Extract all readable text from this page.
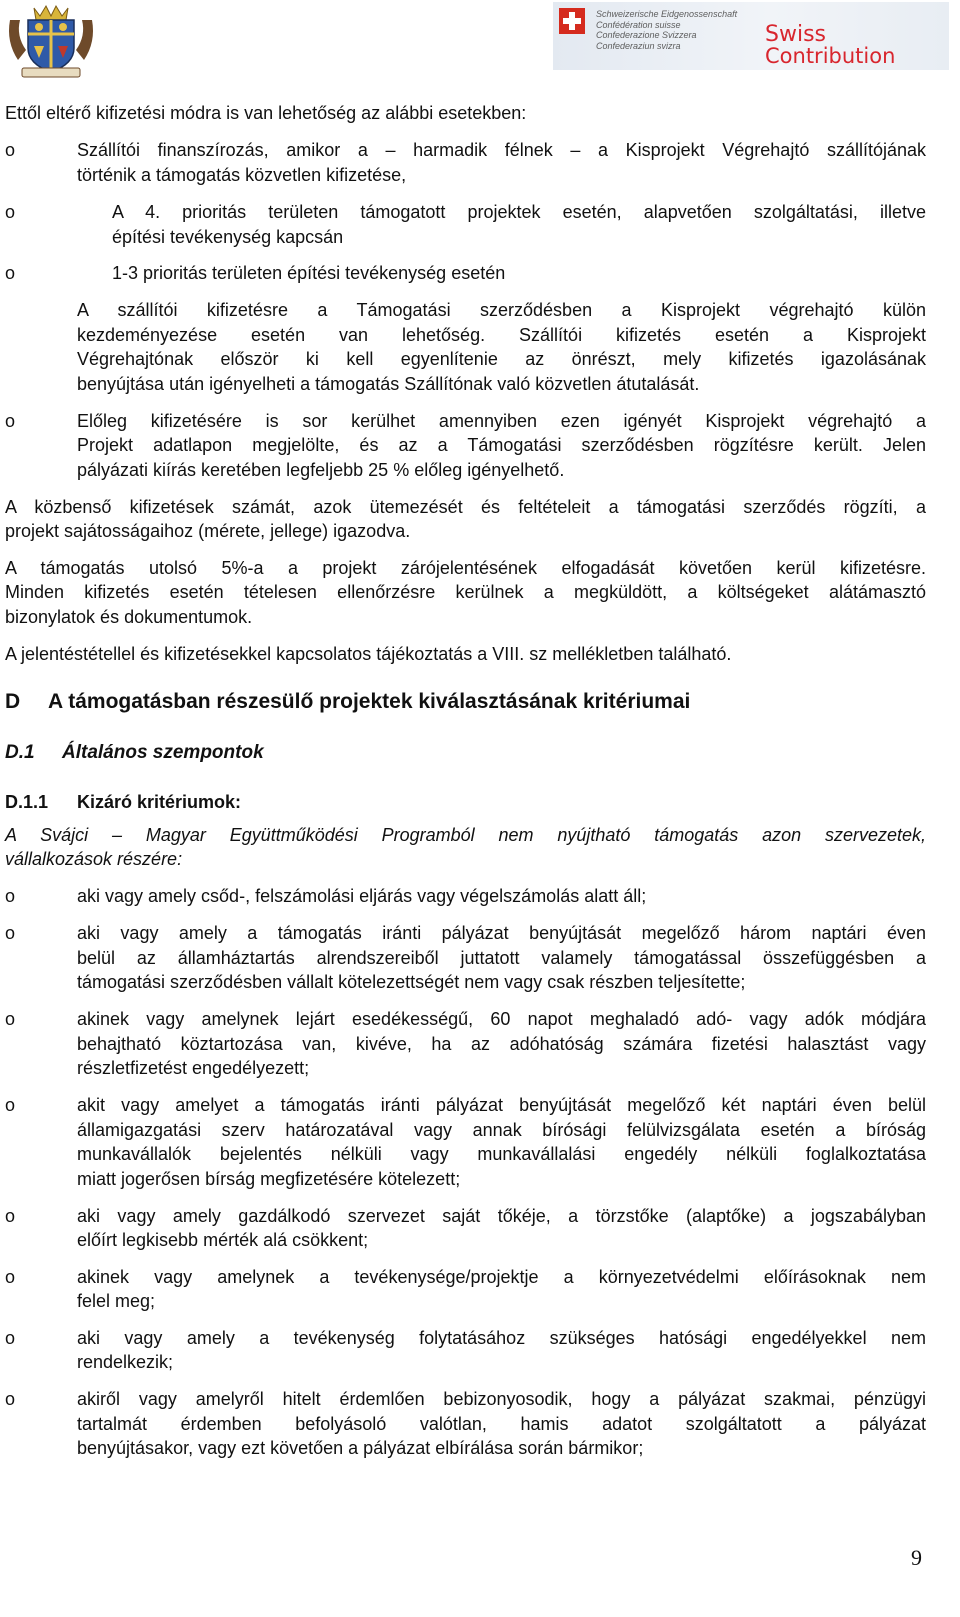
Schweizerische Eidgenossenschaft
Confédération suisse
Confederazione Svizzera
Confederaziun svizra	Swiss
Contribution
Ettől eltérő kifizetési módra is van lehetőség az alábbi esetekben:
o	Szállítói finanszírozás, amikor a – harmadik félnek – a Kisprojekt Végrehajtó szállítójának
történik a támogatás közvetlen kifizetése,
o	A 4. prioritás területen támogatott projektek esetén, alapvetően szolgáltatási, illetve
építési tevékenység kapcsán
o	1-3 prioritás területen építési tevékenység esetén
A szállítói kifizetésre a Támogatási szerződésben a Kisprojekt végrehajtó külön
kezdeményezése esetén van lehetőség. Szállítói kifizetés esetén a Kisprojekt
Végrehajtónak először ki kell egyenlítenie az önrészt, mely kifizetés igazolásának
benyújtása után igényelheti a támogatás Szállítónak való közvetlen átutalását.
o	Előleg kifizetésére is sor kerülhet amennyiben ezen igényét Kisprojekt végrehajtó a
Projekt adatlapon megjelölte, és az a Támogatási szerződésben rögzítésre került. Jelen
pályázati kiírás keretében legfeljebb 25 % előleg igényelhető.
A közbenső kifizetések számát, azok ütemezését és feltételeit a támogatási szerződés rögzíti, a
projekt sajátosságaihoz (mérete, jellege) igazodva.
A támogatás utolsó 5%-a a projekt zárójelentésének elfogadását követően kerül kifizetésre.
Minden kifizetés esetén tételesen ellenőrzésre kerülnek a megküldött, a költségeket alátámasztó
bizonylatok és dokumentumok.
A jelentéstétellel és kifizetésekkel kapcsolatos tájékoztatás a VIII. sz mellékletben található.
D A támogatásban részesülő projektek kiválasztásának kritériumai
D.1 Általános szempontok
D.1.1 Kizáró kritériumok:
A Svájci – Magyar Együttműködési Programból nem nyújtható támogatás azon szervezetek,
vállalkozások részére:
o	aki vagy amely csőd-, felszámolási eljárás vagy végelszámolás alatt áll;
o	aki vagy amely a támogatás iránti pályázat benyújtását megelőző három naptári éven
belül az államháztartás alrendszereiből juttatott valamely támogatással összefüggésben a
támogatási szerződésben vállalt kötelezettségét nem vagy csak részben teljesítette;
o	akinek vagy amelynek lejárt esedékességű, 60 napot meghaladó adó- vagy adók módjára
behajtható köztartozása van, kivéve, ha az adóhatóság számára fizetési halasztást vagy
részletfizetést engedélyezett;
o	akit vagy amelyet a támogatás iránti pályázat benyújtását megelőző két naptári éven belül
államigazgatási szerv határozatával vagy annak bírósági felülvizsgálata esetén a bíróság
munkavállalók bejelentés nélküli vagy munkavállalási engedély nélküli foglalkoztatása
miatt jogerősen bírság megfizetésére kötelezett;
o	aki vagy amely gazdálkodó szervezet saját tőkéje, a törzstőke (alaptőke) a jogszabályban
előírt legkisebb mérték alá csökkent;
o	akinek vagy amelynek a tevékenysége/projektje a környezetvédelmi előírásoknak nem
felel meg;
o	aki vagy amely a tevékenység folytatásához szükséges hatósági engedélyekkel nem
rendelkezik;
o	akiről vagy amelyről hitelt érdemlően bebizonyosodik, hogy a pályázat szakmai, pénzügyi
tartalmát érdemben befolyásoló valótlan, hamis adatot szolgáltatott a pályázat
benyújtásakor, vagy ezt követően a pályázat elbírálása során bármikor;
9
